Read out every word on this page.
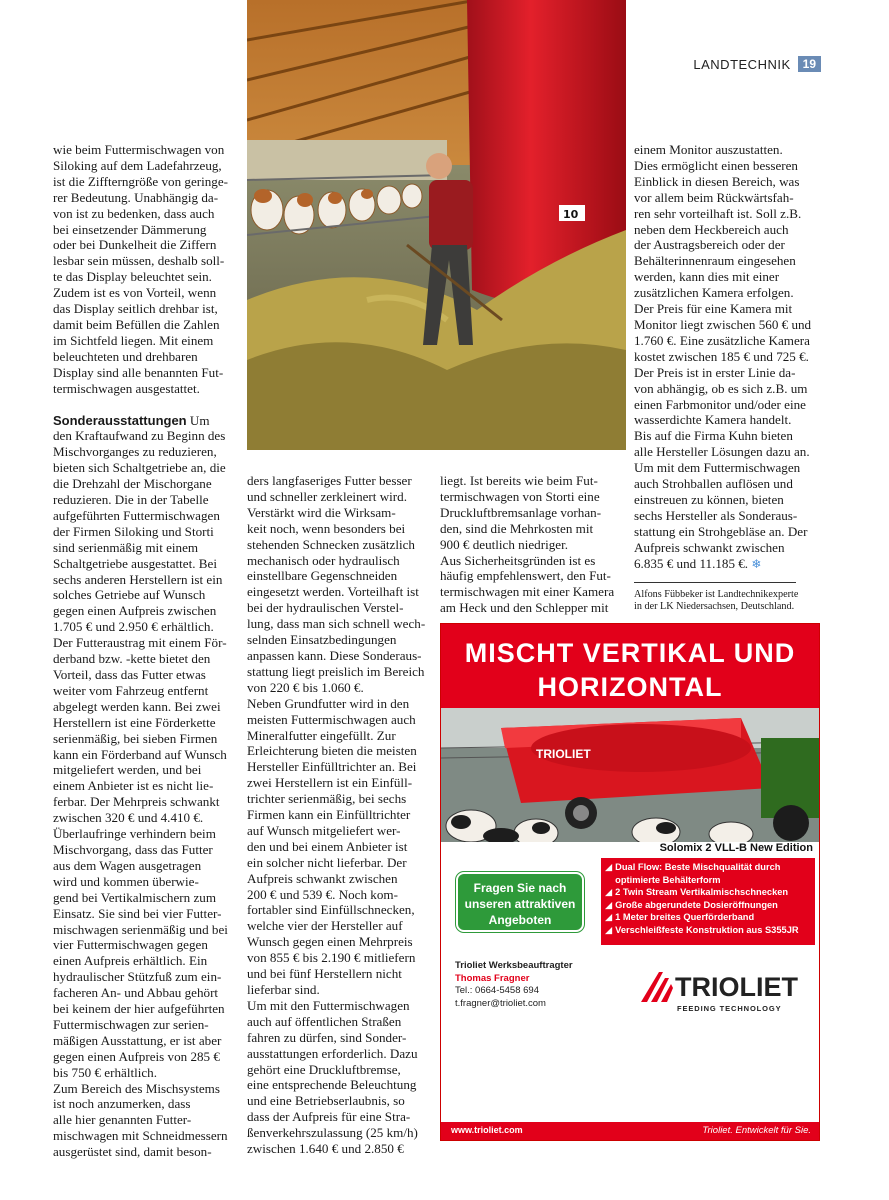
LANDTECHNIK	19
10

wie beim Futtermischwagen von
Siloking auf dem Ladefahrzeug,
ist die Ziffterngröße von geringe-
rer Bedeutung. Unabhängig da-
von ist zu bedenken, dass auch
bei einsetzender Dämmerung
oder bei Dunkelheit die Ziffern
lesbar sein müssen, deshalb soll-
te das Display beleuchtet sein.
Zudem ist es von Vorteil, wenn
das Display seitlich drehbar ist,
damit beim Befüllen die Zahlen
im Sichtfeld liegen. Mit einem
beleuchteten und drehbaren
Display sind alle benannten Fut-
termischwagen ausgestattet.

Sonderausstattungen Um
den Kraftaufwand zu Beginn des
Mischvorganges zu reduzieren,
bieten sich Schaltgetriebe an, die
die Drehzahl der Mischorgane
reduzieren. Die in der Tabelle
aufgeführten Futtermischwagen
der Firmen Siloking und Storti
sind serienmäßig mit einem
Schaltgetriebe ausgestattet. Bei
sechs anderen Herstellern ist ein
solches Getriebe auf Wunsch
gegen einen Aufpreis zwischen
1.705 € und 2.950 € erhältlich.
Der Futteraustrag mit einem För-
derband bzw. -kette bietet den
Vorteil, dass das Futter etwas
weiter vom Fahrzeug entfernt
abgelegt werden kann. Bei zwei
Herstellern ist eine Förderkette
serienmäßig, bei sieben Firmen
kann ein Förderband auf Wunsch
mitgeliefert werden, und bei
einem Anbieter ist es nicht lie-
ferbar. Der Mehrpreis schwankt
zwischen 320 € und 4.410 €.
Überlaufringe verhindern beim
Mischvorgang, dass das Futter
aus dem Wagen ausgetragen
wird und kommen überwie-
gend bei Vertikalmischern zum
Einsatz. Sie sind bei vier Futter-
mischwagen serienmäßig und bei
vier Futtermischwagen gegen
einen Aufpreis erhältlich. Ein
hydraulischer Stützfuß zum ein-
facheren An- und Abbau gehört
bei keinem der hier aufgeführten
Futtermischwagen zur serien-
mäßigen Ausstattung, er ist aber
gegen einen Aufpreis von 285 €
bis 750 € erhältlich.
Zum Bereich des Mischsystems
ist noch anzumerken, dass
alle hier genannten Futter-
mischwagen mit Schneidmessern
ausgerüstet sind, damit beson-

ders langfaseriges Futter besser
und schneller zerkleinert wird.
Verstärkt wird die Wirksam-
keit noch, wenn besonders bei
stehenden Schnecken zusätzlich
mechanisch oder hydraulisch
einstellbare Gegenschneiden
eingesetzt werden. Vorteilhaft ist
bei der hydraulischen Verstel-
lung, dass man sich schnell wech-
selnden Einsatzbedingungen
anpassen kann. Diese Sonderaus-
stattung liegt preislich im Bereich
von 220 € bis 1.060 €.
Neben Grundfutter wird in den
meisten Futtermischwagen auch
Mineralfutter eingefüllt. Zur
Erleichterung bieten die meisten
Hersteller Einfülltrichter an. Bei
zwei Herstellern ist ein Einfüll-
trichter serienmäßig, bei sechs
Firmen kann ein Einfülltrichter
auf Wunsch mitgeliefert wer-
den und bei einem Anbieter ist
ein solcher nicht lieferbar. Der
Aufpreis schwankt zwischen
200 € und 539 €. Noch kom-
fortabler sind Einfüllschnecken,
welche vier der Hersteller auf
Wunsch gegen einen Mehrpreis
von 855 € bis 2.190 € mitliefern
und bei fünf Herstellern nicht
lieferbar sind.
Um mit den Futtermischwagen
auch auf öffentlichen Straßen
fahren zu dürfen, sind Sonder-
ausstattungen erforderlich. Dazu
gehört eine Druckluftbremse,
eine entsprechende Beleuchtung
und eine Betriebserlaubnis, so
dass der Aufpreis für eine Stra-
ßenverkehrszulassung (25 km/h)
zwischen 1.640 € und 2.850 €

liegt. Ist bereits wie beim Fut-
termischwagen von Storti eine
Druckluftbremsanlage vorhan-
den, sind die Mehrkosten mit
900 € deutlich niedriger.
Aus Sicherheitsgründen ist es
häufig empfehlenswert, den Fut-
termischwagen mit einer Kamera
am Heck und den Schlepper mit

einem Monitor auszustatten.
Dies ermöglicht einen besseren
Einblick in diesen Bereich, was
vor allem beim Rückwärtsfah-
ren sehr vorteilhaft ist. Soll z.B.
neben dem Heckbereich auch
der Austragsbereich oder der
Behälterinnenraum eingesehen
werden, kann dies mit einer
zusätzlichen Kamera erfolgen.
Der Preis für eine Kamera mit
Monitor liegt zwischen 560 € und
1.760 €. Eine zusätzliche Kamera
kostet zwischen 185 € und 725 €.
Der Preis ist in erster Linie da-
von abhängig, ob es sich z.B. um
einen Farbmonitor und/oder eine
wasserdichte Kamera handelt.
Bis auf die Firma Kuhn bieten
alle Hersteller Lösungen dazu an.
Um mit dem Futtermischwagen
auch Strohballen auflösen und
einstreuen zu können, bieten
sechs Hersteller als Sonderaus-
stattung ein Strohgebläse an. Der
Aufpreis schwankt zwischen
6.835 € und 11.185 €. ❄

Alfons Fübbeker ist Landtechnikexperte
in der LK Niedersachsen, Deutschland.
MISCHT VERTIKAL UND
HORIZONTAL
TRIOLIET
Solomix 2 VLL-B New Edition
◢ Dual Flow: Beste Mischqualität durch optimierte Behälterform
◢ 2 Twin Stream Vertikalmischschnecken
◢ Große abgerundete Dosieröffnungen
◢ 1 Meter breites Querförderband
◢ Verschleißfeste Konstruktion aus S355JR
Fragen Sie nach
unseren attraktiven
Angeboten
Trioliet Werksbeauftragter
Thomas Fragner
Tel.: 0664-5458 694
t.fragner@trioliet.com
TRIOLIET
FEEDING TECHNOLOGY
www.trioliet.com	Trioliet. Entwickelt für Sie.
